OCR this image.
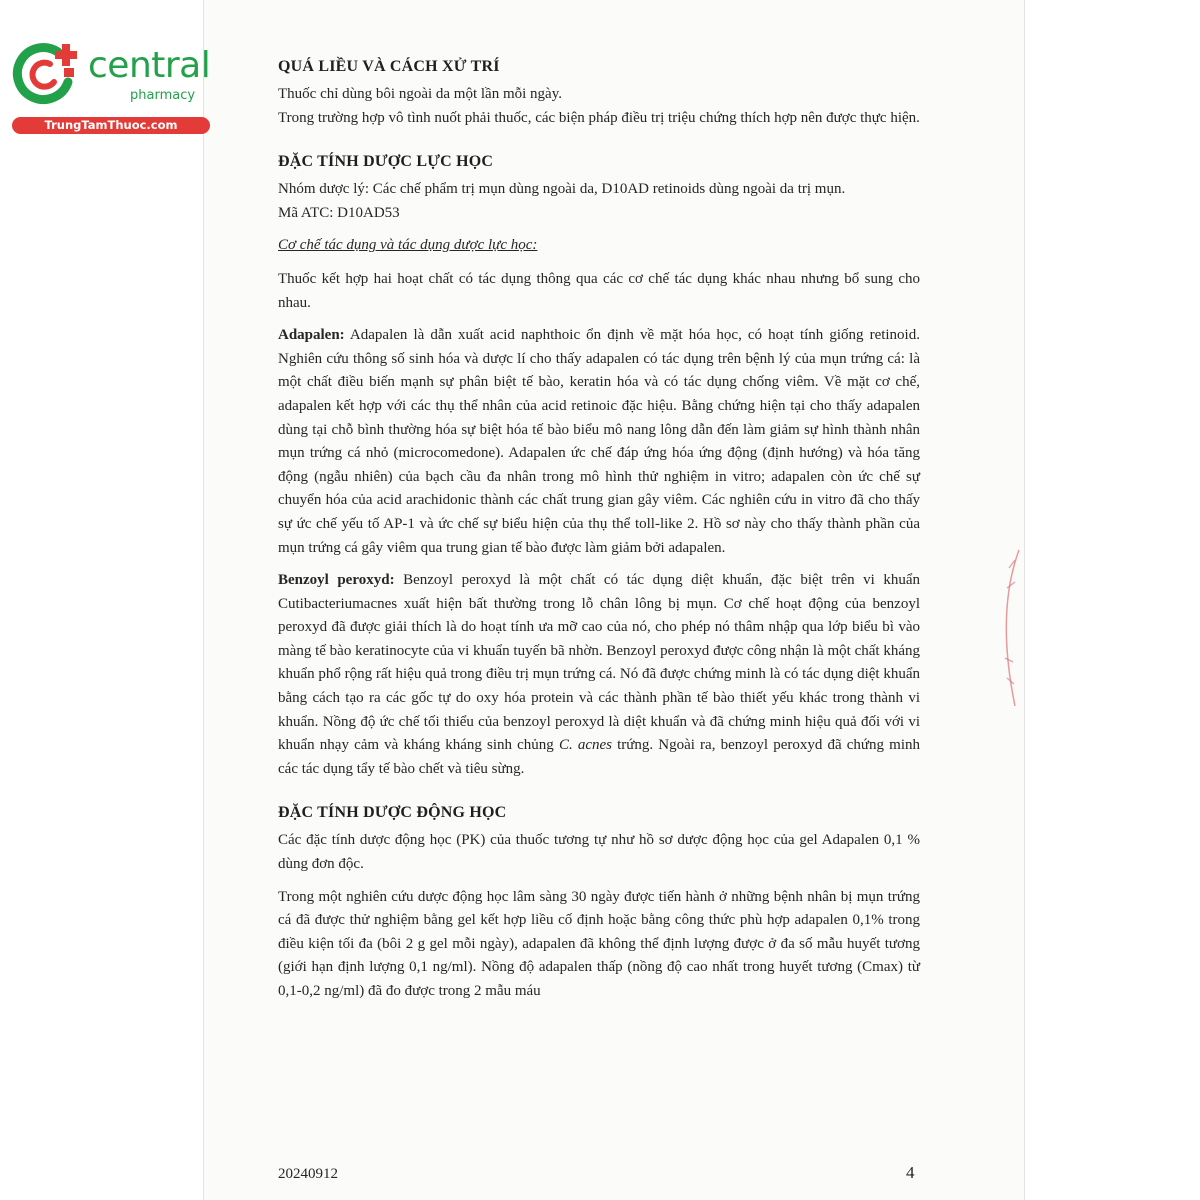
central
pharmacy
TrungTamThuoc.com
QUÁ LIỀU VÀ CÁCH XỬ TRÍ

Thuốc chỉ dùng bôi ngoài da một lần mỗi ngày.

Trong trường hợp vô tình nuốt phải thuốc, các biện pháp điều trị triệu chứng thích hợp nên được thực hiện.

ĐẶC TÍNH DƯỢC LỰC HỌC

Nhóm dược lý: Các chế phẩm trị mụn dùng ngoài da, D10AD retinoids dùng ngoài da trị mụn.

Mã ATC: D10AD53

Cơ chế tác dụng và tác dụng dược lực học:

Thuốc kết hợp hai hoạt chất có tác dụng thông qua các cơ chế tác dụng khác nhau nhưng bổ sung cho nhau.

Adapalen: Adapalen là dẫn xuất acid naphthoic ổn định về mặt hóa học, có hoạt tính giống retinoid. Nghiên cứu thông số sinh hóa và dược lí cho thấy adapalen có tác dụng trên bệnh lý của mụn trứng cá: là một chất điều biến mạnh sự phân biệt tế bào, keratin hóa và có tác dụng chống viêm. Về mặt cơ chế, adapalen kết hợp với các thụ thể nhân của acid retinoic đặc hiệu. Bằng chứng hiện tại cho thấy adapalen dùng tại chỗ bình thường hóa sự biệt hóa tế bào biểu mô nang lông dẫn đến làm giảm sự hình thành nhân mụn trứng cá nhỏ (microcomedone). Adapalen ức chế đáp ứng hóa ứng động (định hướng) và hóa tăng động (ngẫu nhiên) của bạch cầu đa nhân trong mô hình thử nghiệm in vitro; adapalen còn ức chế sự chuyển hóa của acid arachidonic thành các chất trung gian gây viêm. Các nghiên cứu in vitro đã cho thấy sự ức chế yếu tố AP-1 và ức chế sự biểu hiện của thụ thể toll-like 2. Hồ sơ này cho thấy thành phần của mụn trứng cá gây viêm qua trung gian tế bào được làm giảm bởi adapalen.

Benzoyl peroxyd: Benzoyl peroxyd là một chất có tác dụng diệt khuẩn, đặc biệt trên vi khuẩn Cutibacteriumacnes xuất hiện bất thường trong lỗ chân lông bị mụn. Cơ chế hoạt động của benzoyl peroxyd đã được giải thích là do hoạt tính ưa mỡ cao của nó, cho phép nó thâm nhập qua lớp biểu bì vào màng tế bào keratinocyte của vi khuẩn tuyến bã nhờn. Benzoyl peroxyd được công nhận là một chất kháng khuẩn phổ rộng rất hiệu quả trong điều trị mụn trứng cá. Nó đã được chứng minh là có tác dụng diệt khuẩn bằng cách tạo ra các gốc tự do oxy hóa protein và các thành phần tế bào thiết yếu khác trong thành vi khuẩn. Nồng độ ức chế tối thiểu của benzoyl peroxyd là diệt khuẩn và đã chứng minh hiệu quả đối với vi khuẩn nhạy cảm và kháng kháng sinh chủng C. acnes trứng. Ngoài ra, benzoyl peroxyd đã chứng minh các tác dụng tẩy tế bào chết và tiêu sừng.

ĐẶC TÍNH DƯỢC ĐỘNG HỌC

Các đặc tính dược động học (PK) của thuốc tương tự như hồ sơ dược động học của gel Adapalen 0,1 % dùng đơn độc.

Trong một nghiên cứu dược động học lâm sàng 30 ngày được tiến hành ở những bệnh nhân bị mụn trứng cá đã được thử nghiệm bằng gel kết hợp liều cố định hoặc bằng công thức phù hợp adapalen 0,1% trong điều kiện tối đa (bôi 2 g gel mỗi ngày), adapalen đã không thể định lượng được ở đa số mẫu huyết tương (giới hạn định lượng 0,1 ng/ml). Nồng độ adapalen thấp (nồng độ cao nhất trong huyết tương (Cmax) từ 0,1-0,2 ng/ml) đã đo được trong 2 mẫu máu

20240912	4
